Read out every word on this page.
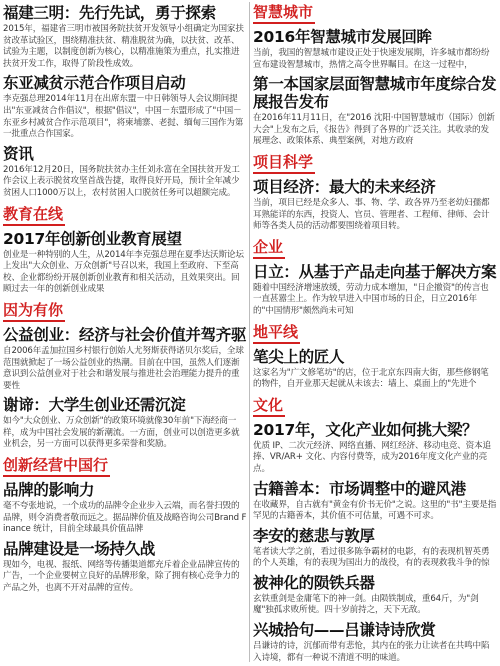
福建三明：先行先试，勇于探索

2015年，福建省三明市被国务院扶贫开发领导小组确定为国家扶贫改革试验区，围绕精准扶贫、精准脱贫为确，以扶贫、改革、试验为主题，以制度创新为核心，以精准施策为重点，扎实推进扶贫开发工作，取得了阶段性成效。

东亚减贫示范合作项目启动

李克强总理2014年11月在出席东盟－中日韩领导人会议期间提出"东亚减贫合作倡议"，根据"倡议"，中国－东盟形成了"中国－东亚乡村减贫合作示范项目"，将柬埔寨、老挝、缅甸三国作为第一批重点合作国家。

资讯

2016年12月20日，国务院扶贫办主任刘永富在全国扶贫开发工作会议上表示脱贫攻坚首战告捷，取得良好开局，预计全年减少贫困人口1000万以上，农村贫困人口脱贫任务可以超额完成。

教育在线
2017年创新创业教育展望

创业是一种特别的人生，从2014年李克强总理在夏季达沃斯论坛上发出"大众创业、万众创新"号召以来，我国上至政府、下至高校、企业都纷纷开展创新创业教育和相关活动，且效果突出。回顾过去一年的创新创业成果

因为有你
公益创业：经济与社会价值并驾齐驱

自2006年孟加拉国乡村银行创始人尤努斯获得诺贝尔奖后，全球范围就掀起了一场公益创业的热潮。目前在中国，虽然人们逐渐意识到公益创业对于社会和谐发展与推进社会治理能力提升的重要性

谢谛：大学生创业还需沉淀

如今"大众创业、万众创新"的政策环境就像30年前"下海经商一样，成为中国社会发展的新潮流。一方面，创业可以创造更多就业机会，另一方面可以获得更多荣誉和奖励。

创新经营中国行
品牌的影响力

毫不夸张地说，一个成功的品牌令企业步入云端，而名誉扫毁的品牌，则令消费者敬而远之。据品牌价值及战略咨询公司Brand Finance 统计，目前全球最具价值品牌

品牌建设是一场持久战

现如今，电视、报纸、网络等传播渠道都充斥着企业品牌宣传的广告，一个企业要树立良好的品牌形象，除了拥有核心竞争力的产品之外，也离不开对品牌的宣传。

智慧城市
2016年智慧城市发展回眸

当前，我国的智慧城市建设正处于快速发展期，许多城市都纷纷宣布建设智慧城市，热情之高令世界瞩目。在这一过程中，

第一本国家层面智慧城市年度综合发展报告发布

在2016年11月11日，在"2016 沈阳·中国智慧城市（国际）创新大会"上发布之后，《报告》得到了各界的广泛关注。其收录的发展理念、政策体系、典型案例，对地方政府

项目科学
项目经济：最大的未来经济

当前，项目已经是众多人、事、物、学、政各界乃至老幼妇孺都耳熟能详的东西，投资人、官员、管理者、工程师、律师、会计师等各类人员的活动都要围绕着项目转。

企业
日立：从基于产品走向基于解决方案

随着中国经济增速放缓，劳动力成本增加，"日企撤资"的传言也一直甚嚣尘上。作为较早进入中国市场的日企，日立2016年的"中国情形"颇然尚未可知

地平线
笔尖上的匠人

这家名为"广文修笔坊"的店，位于北京东四南大街，那些修钢笔的物件，自开业那天起就从未该去：墙上、桌面上的"先进个

文化
2017年，文化产业如何挑大梁？

优质 IP、二次元经济、网络直播、网红经济、移动电竞、资本追捧、VR/AR+ 文化、内容付费等，成为2016年度文化产业的亮点。

古籍善本：市场调整中的避风港

在收藏界，自古就有"黄金有价书无价"之说。这里的"书"主要是指罕见的古籍善本，其价值不可估量，可遇不可求。

李安的慈悲与敦厚

笔者读大学之前，看过很多陈争霸材的电影，有的表现机智英勇的个人英雄，有的表现为国出力的战役，有的表现救我斗争的惊

被神化的陨铁兵器

玄铁重剑是金庸笔下的神一剑。由陨铁制成，重64斤，为"剑魔"独孤求败所使。四十岁前持之，天下无敌。

兴城拾句——吕谦诗诗欣赏

吕谦诗的诗，沉郁而带有悲怆，其内在的张力让读者在共鸣中陷入诗境，都有一种说不清道不明的味道。
